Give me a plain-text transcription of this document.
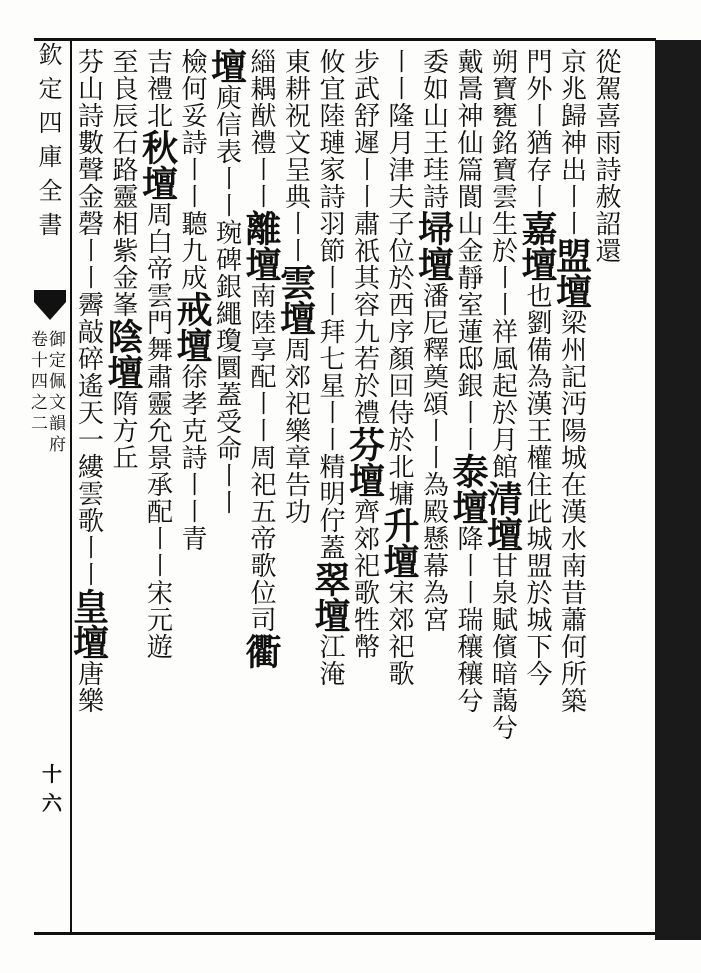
欽定四庫全書
御定佩文韻府
卷十四之二
十六
從駕喜雨詩赦詔還
京兆歸神出〡〡盟壇梁州記沔陽城在漢水南昔蕭何所築
門外〡猶存〡嘉壇也劉備為漢王權住此城盟於城下今
朔寶甕銘寶雲生於〡〡祥風起於月館清壇甘泉賦儐暗藹兮
戴暠神仙篇閬山金靜室蓮邸銀〡〡泰壇降〡〡瑞穰穰兮
委如山王珪詩埽壇潘尼釋奠頌〡〡為殿懸幕為宮
〡〡隆月津夫子位於西序顏回侍於北墉升壇宋郊祀歌
步武舒遲〡〡肅祇其容九若於禮芬壇齊郊祀歌牲幣
攸宜陸璉家詩羽節〡〡拜七星〡〡精明佇蓋翠壇江淹
東耕祝文呈典〡〡雲壇周郊祀樂章告功
緇耦猷禮〡〡離壇南陸享配〡〡周祀五帝歌位司衢
壇庾信表〡〡琬碑銀繩瓊圜蓋受命〡〡
檢何妥詩〡〡聽九成戒壇徐孝克詩〡〡青
吉禮北秋壇周白帝雲門舞肅靈允景承配〡〡宋元遊
至良辰石路靈相紫金峯陰壇隋方丘
芬山詩數聲金磬〡〡霽敲碎遙天一縷雲歌〡〡皇壇唐樂
